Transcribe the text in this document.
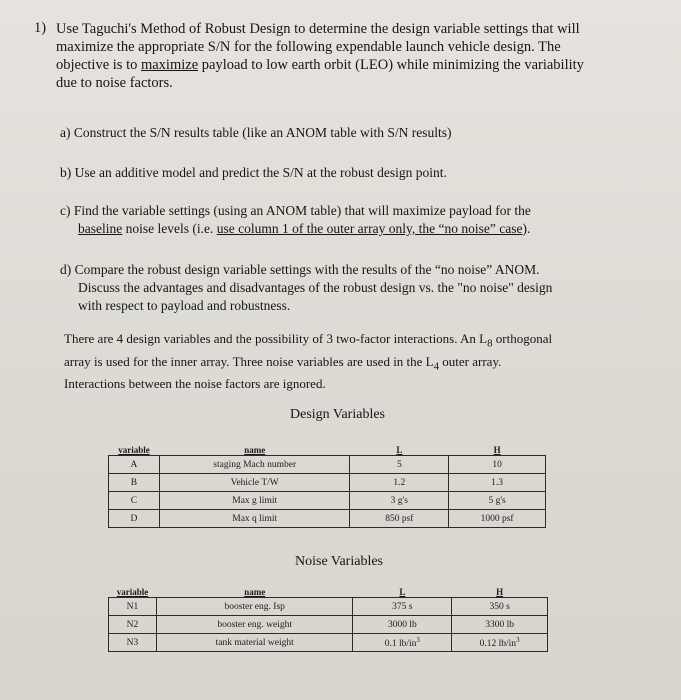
1) Use Taguchi's Method of Robust Design to determine the design variable settings that will
maximize the appropriate S/N for the following expendable launch vehicle design. The
objective is to maximize payload to low earth orbit (LEO) while minimizing the variability
due to noise factors.
a) Construct the S/N results table (like an ANOM table with S/N results)
b) Use an additive model and predict the S/N at the robust design point.
c) Find the variable settings (using an ANOM table) that will maximize payload for the
baseline noise levels (i.e. use column 1 of the outer array only, the “no noise” case).
d) Compare the robust design variable settings with the results of the “no noise” ANOM.
Discuss the advantages and disadvantages of the robust design vs. the "no noise" design
with respect to payload and robustness.
There are 4 design variables and the possibility of 3 two-factor interactions. An $L_8$ orthogonal
array is used for the inner array. Three noise variables are used in the $L_4$ outer array.
Interactions between the noise factors are ignored.
Design Variables
variable	name	L	H
A	staging Mach number	5	10
B	Vehicle T/W	1.2	1.3
C	Max g limit	3 g's	5 g's
D	Max q limit	850 psf	1000 psf
Noise Variables
variable	name	L	H
N1	booster eng. Isp	375 s	350 s
N2	booster eng. weight	3000 lb	3300 lb
N3	tank material weight	0.1 $lb/in^3$	0.12 $lb/in^3$
